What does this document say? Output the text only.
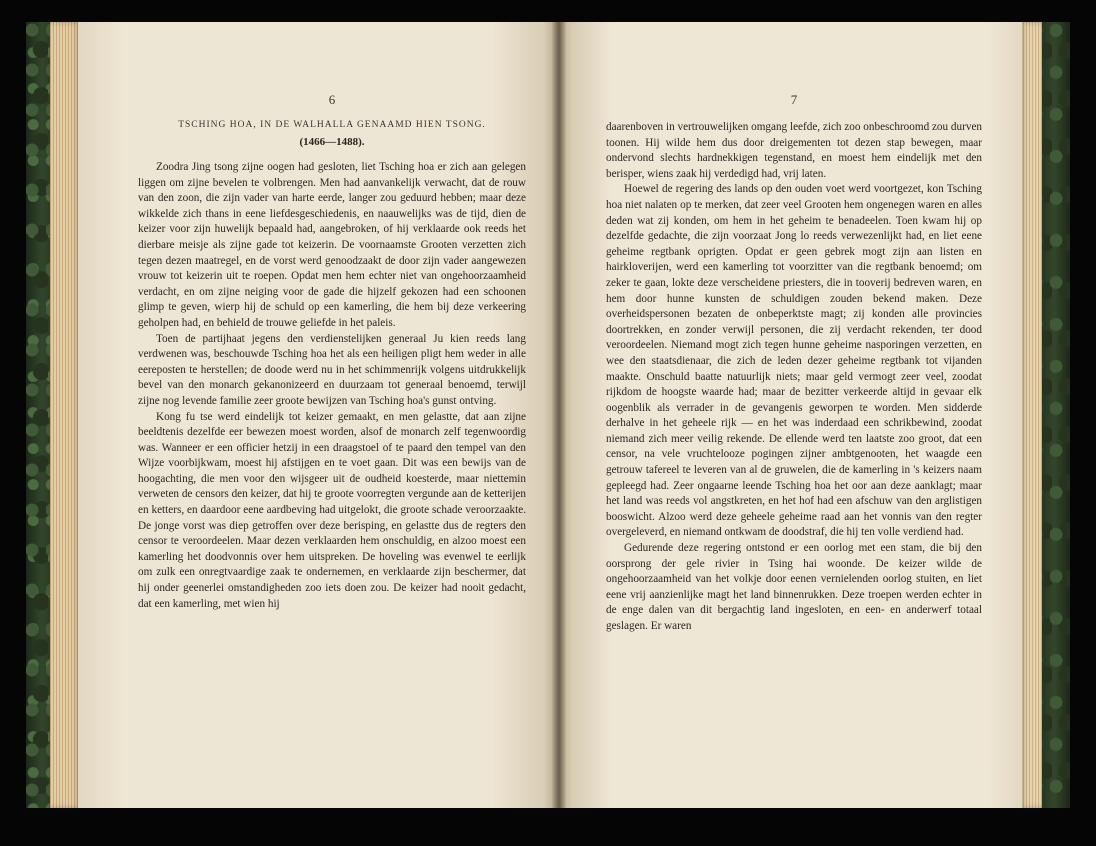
6
TSCHING HOA, IN DE WALHALLA GENAAMD HIEN TSONG.
(1466—1488).

Zoodra Jing tsong zijne oogen had gesloten, liet Tsching hoa er zich aan gelegen liggen om zijne bevelen te volbrengen. Men had aanvankelijk verwacht, dat de rouw van den zoon, die zijn vader van harte eerde, langer zou geduurd hebben; maar deze wikkelde zich thans in eene liefdesgeschiedenis, en naauwelijks was de tijd, dien de keizer voor zijn huwelijk bepaald had, aangebroken, of hij verklaarde ook reeds het dierbare meisje als zijne gade tot keizerin. De voornaamste Grooten verzetten zich tegen dezen maatregel, en de vorst werd genoodzaakt de door zijn vader aangewezen vrouw tot keizerin uit te roepen. Opdat men hem echter niet van ongehoorzaamheid verdacht, en om zijne neiging voor de gade die hijzelf gekozen had een schoonen glimp te geven, wierp hij de schuld op een kamerling, die hem bij deze verkeering geholpen had, en behield de trouwe geliefde in het paleis.

Toen de partijhaat jegens den verdienstelijken generaal Ju kien reeds lang verdwenen was, beschouwde Tsching hoa het als een heiligen pligt hem weder in alle eereposten te herstellen; de doode werd nu in het schimmenrijk volgens uitdrukkelijk bevel van den monarch gekanonizeerd en duurzaam tot generaal benoemd, terwijl zijne nog levende familie zeer groote bewijzen van Tsching hoa's gunst ontving.

Kong fu tse werd eindelijk tot keizer gemaakt, en men gelastte, dat aan zijne beeldtenis dezelfde eer bewezen moest worden, alsof de monarch zelf tegenwoordig was. Wanneer er een officier hetzij in een draagstoel of te paard den tempel van den Wijze voorbijkwam, moest hij afstijgen en te voet gaan. Dit was een bewijs van de hoogachting, die men voor den wijsgeer uit de oudheid koesterde, maar niettemin verweten de censors den keizer, dat hij te groote voorregten vergunde aan de ketterijen en ketters, en daardoor eene aardbeving had uitgelokt, die groote schade veroorzaakte. De jonge vorst was diep getroffen over deze berisping, en gelastte dus de regters den censor te veroordeelen. Maar dezen verklaarden hem onschuldig, en alzoo moest een kamerling het doodvonnis over hem uitspreken. De hoveling was evenwel te eerlijk om zulk een onregtvaardige zaak te ondernemen, en verklaarde zijn beschermer, dat hij onder geenerlei omstandigheden zoo iets doen zou. De keizer had nooit gedacht, dat een kamerling, met wien hij

7

daarenboven in vertrouwelijken omgang leefde, zich zoo onbeschroomd zou durven toonen. Hij wilde hem dus door dreigementen tot dezen stap bewegen, maar ondervond slechts hardnekkigen tegenstand, en moest hem eindelijk met den berisper, wiens zaak hij verdedigd had, vrij laten.

Hoewel de regering des lands op den ouden voet werd voortgezet, kon Tsching hoa niet nalaten op te merken, dat zeer veel Grooten hem ongenegen waren en alles deden wat zij konden, om hem in het geheim te benadeelen. Toen kwam hij op dezelfde gedachte, die zijn voorzaat Jong lo reeds verwezenlijkt had, en liet eene geheime regtbank oprigten. Opdat er geen gebrek mogt zijn aan listen en hairkloverijen, werd een kamerling tot voorzitter van die regtbank benoemd; om zeker te gaan, lokte deze verscheidene priesters, die in tooverij bedreven waren, en hem door hunne kunsten de schuldigen zouden bekend maken. Deze overheidspersonen bezaten de onbeperktste magt; zij konden alle provincies doortrekken, en zonder verwijl personen, die zij verdacht rekenden, ter dood veroordeelen. Niemand mogt zich tegen hunne geheime nasporingen verzetten, en wee den staatsdienaar, die zich de leden dezer geheime regtbank tot vijanden maakte. Onschuld baatte natuurlijk niets; maar geld vermogt zeer veel, zoodat rijkdom de hoogste waarde had; maar de bezitter verkeerde altijd in gevaar elk oogenblik als verrader in de gevangenis geworpen te worden. Men sidderde derhalve in het geheele rijk — en het was inderdaad een schrikbewind, zoodat niemand zich meer veilig rekende. De ellende werd ten laatste zoo groot, dat een censor, na vele vruchtelooze pogingen zijner ambtgenooten, het waagde een getrouw tafereel te leveren van al de gruwelen, die de kamerling in 's keizers naam gepleegd had. Zeer ongaarne leende Tsching hoa het oor aan deze aanklagt; maar het land was reeds vol angstkreten, en het hof had een afschuw van den arglistigen booswicht. Alzoo werd deze geheele geheime raad aan het vonnis van den regter overgeleverd, en niemand ontkwam de doodstraf, die hij ten volle verdiend had.

Gedurende deze regering ontstond er een oorlog met een stam, die bij den oorsprong der gele rivier in Tsing hai woonde. De keizer wilde de ongehoorzaamheid van het volkje door eenen vernielenden oorlog stuiten, en liet eene vrij aanzienlijke magt het land binnenrukken. Deze troepen werden echter in de enge dalen van dit bergachtig land ingesloten, en een- en anderwerf totaal geslagen. Er waren
